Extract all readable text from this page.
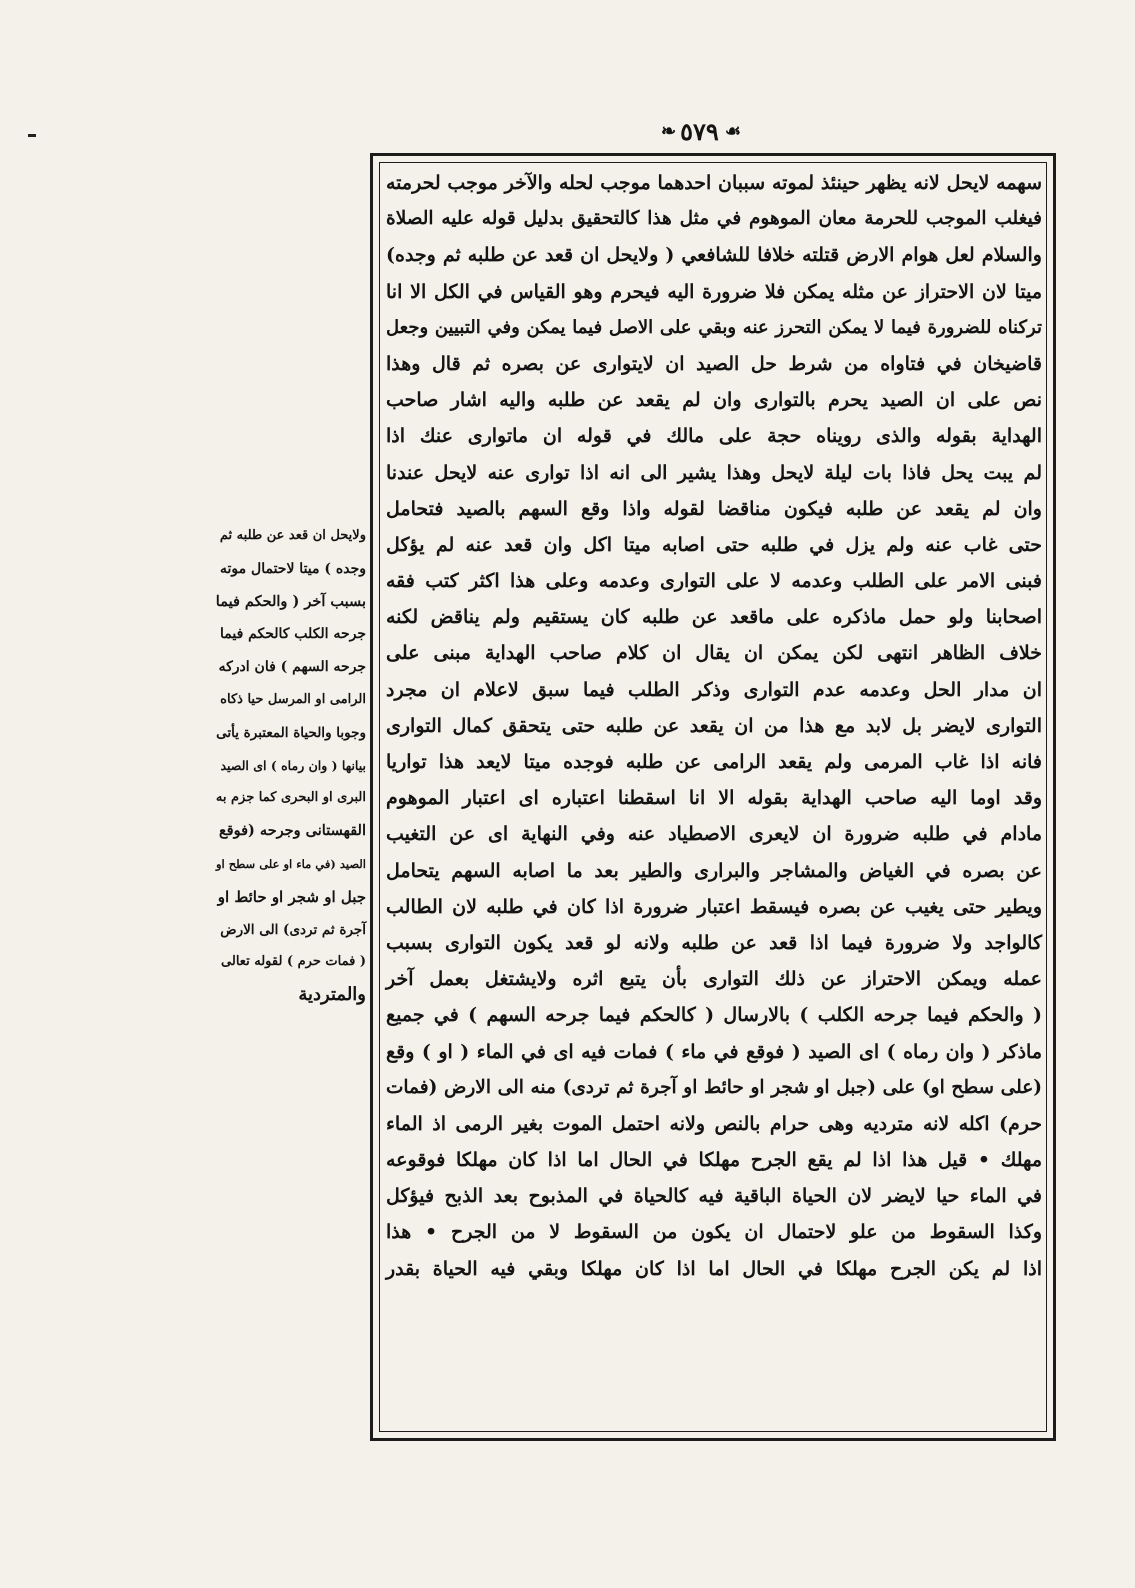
❧ ٥٧٩ ☙
سهمه لايحل لانه يظهر حينئذ لموته سببان احدهما موجب لحله والآخر موجب لحرمته
فيغلب الموجب للحرمة معان الموهوم في مثل هذا كالتحقيق بدليل قوله عليه الصلاة
والسلام لعل هوام الارض قتلته خلافا للشافعي ( ولايحل ان قعد عن طلبه ثم وجده)
ميتا لان الاحتراز عن مثله يمكن فلا ضرورة اليه فيحرم وهو القياس في الكل الا انا
تركناه للضرورة فيما لا يمكن التحرز عنه وبقي على الاصل فيما يمكن وفي التبيين وجعل
قاضيخان في فتاواه من شرط حل الصيد ان لايتوارى عن بصره ثم قال وهذا
نص على ان الصيد يحرم بالتوارى وان لم يقعد عن طلبه واليه اشار صاحب
الهداية بقوله والذى رويناه حجة على مالك في قوله ان ماتوارى عنك اذا
لم يبت يحل فاذا بات ليلة لايحل وهذا يشير الى انه اذا توارى عنه لايحل عندنا
وان لم يقعد عن طلبه فيكون مناقضا لقوله واذا وقع السهم بالصيد فتحامل
حتى غاب عنه ولم يزل في طلبه حتى اصابه ميتا اكل وان قعد عنه لم يؤكل
فبنى الامر على الطلب وعدمه لا على التوارى وعدمه وعلى هذا اكثر كتب فقه
اصحابنا ولو حمل ماذكره على ماقعد عن طلبه كان يستقيم ولم يناقض لكنه
خلاف الظاهر انتهى لكن يمكن ان يقال ان كلام صاحب الهداية مبنى على
ان مدار الحل وعدمه عدم التوارى وذكر الطلب فيما سبق لاعلام ان مجرد
التوارى لايضر بل لابد مع هذا من ان يقعد عن طلبه حتى يتحقق كمال التوارى
فانه اذا غاب المرمى ولم يقعد الرامى عن طلبه فوجده ميتا لايعد هذا تواريا
وقد اوما اليه صاحب الهداية بقوله الا انا اسقطنا اعتباره اى اعتبار الموهوم
مادام في طلبه ضرورة ان لايعرى الاصطياد عنه وفي النهاية اى عن التغيب
عن بصره في الغياض والمشاجر والبرارى والطير بعد ما اصابه السهم يتحامل
ويطير حتى يغيب عن بصره فيسقط اعتبار ضرورة اذا كان في طلبه لان الطالب
كالواجد ولا ضرورة فيما اذا قعد عن طلبه ولانه لو قعد يكون التوارى بسبب
عمله ويمكن الاحتراز عن ذلك التوارى بأن يتبع اثره ولايشتغل بعمل آخر
( والحكم فيما جرحه الكلب ) بالارسال ( كالحكم فيما جرحه السهم ) في جميع
ماذكر ( وان رماه ) اى الصيد ( فوقع في ماء ) فمات فيه اى في الماء ( او ) وقع
(على سطح او) على (جبل او شجر او حائط او آجرة ثم تردى) منه الى الارض (فمات
حرم) اكله لانه مترديه وهى حرام بالنص ولانه احتمل الموت بغير الرمى اذ الماء
مهلك • قيل هذا اذا لم يقع الجرح مهلكا في الحال اما اذا كان مهلكا فوقوعه
في الماء حيا لايضر لان الحياة الباقية فيه كالحياة في المذبوح بعد الذبح فيؤكل
وكذا السقوط من علو لاحتمال ان يكون من السقوط لا من الجرح • هذا
اذا لم يكن الجرح مهلكا في الحال اما اذا كان مهلكا وبقي فيه الحياة بقدر
ولايحل ان قعد عن طلبه ثم
وجده ) ميتا لاحتمال موته
بسبب آخر ( والحكم فيما
جرحه الكلب كالحكم فيما
جرحه السهم ) فان ادركه
الرامى او المرسل حيا ذكاه
وجوبا والحياة المعتبرة يأتى
بيانها ( وان رماه ) اى الصيد
البرى او البحرى كما جزم به
القهستانى وجرحه (فوقع
الصيد (في ماء او على سطح او
جبل او شجر او حائط او
آجرة ثم تردى) الى الارض
( فمات حرم ) لقوله تعالى
والمتردية
